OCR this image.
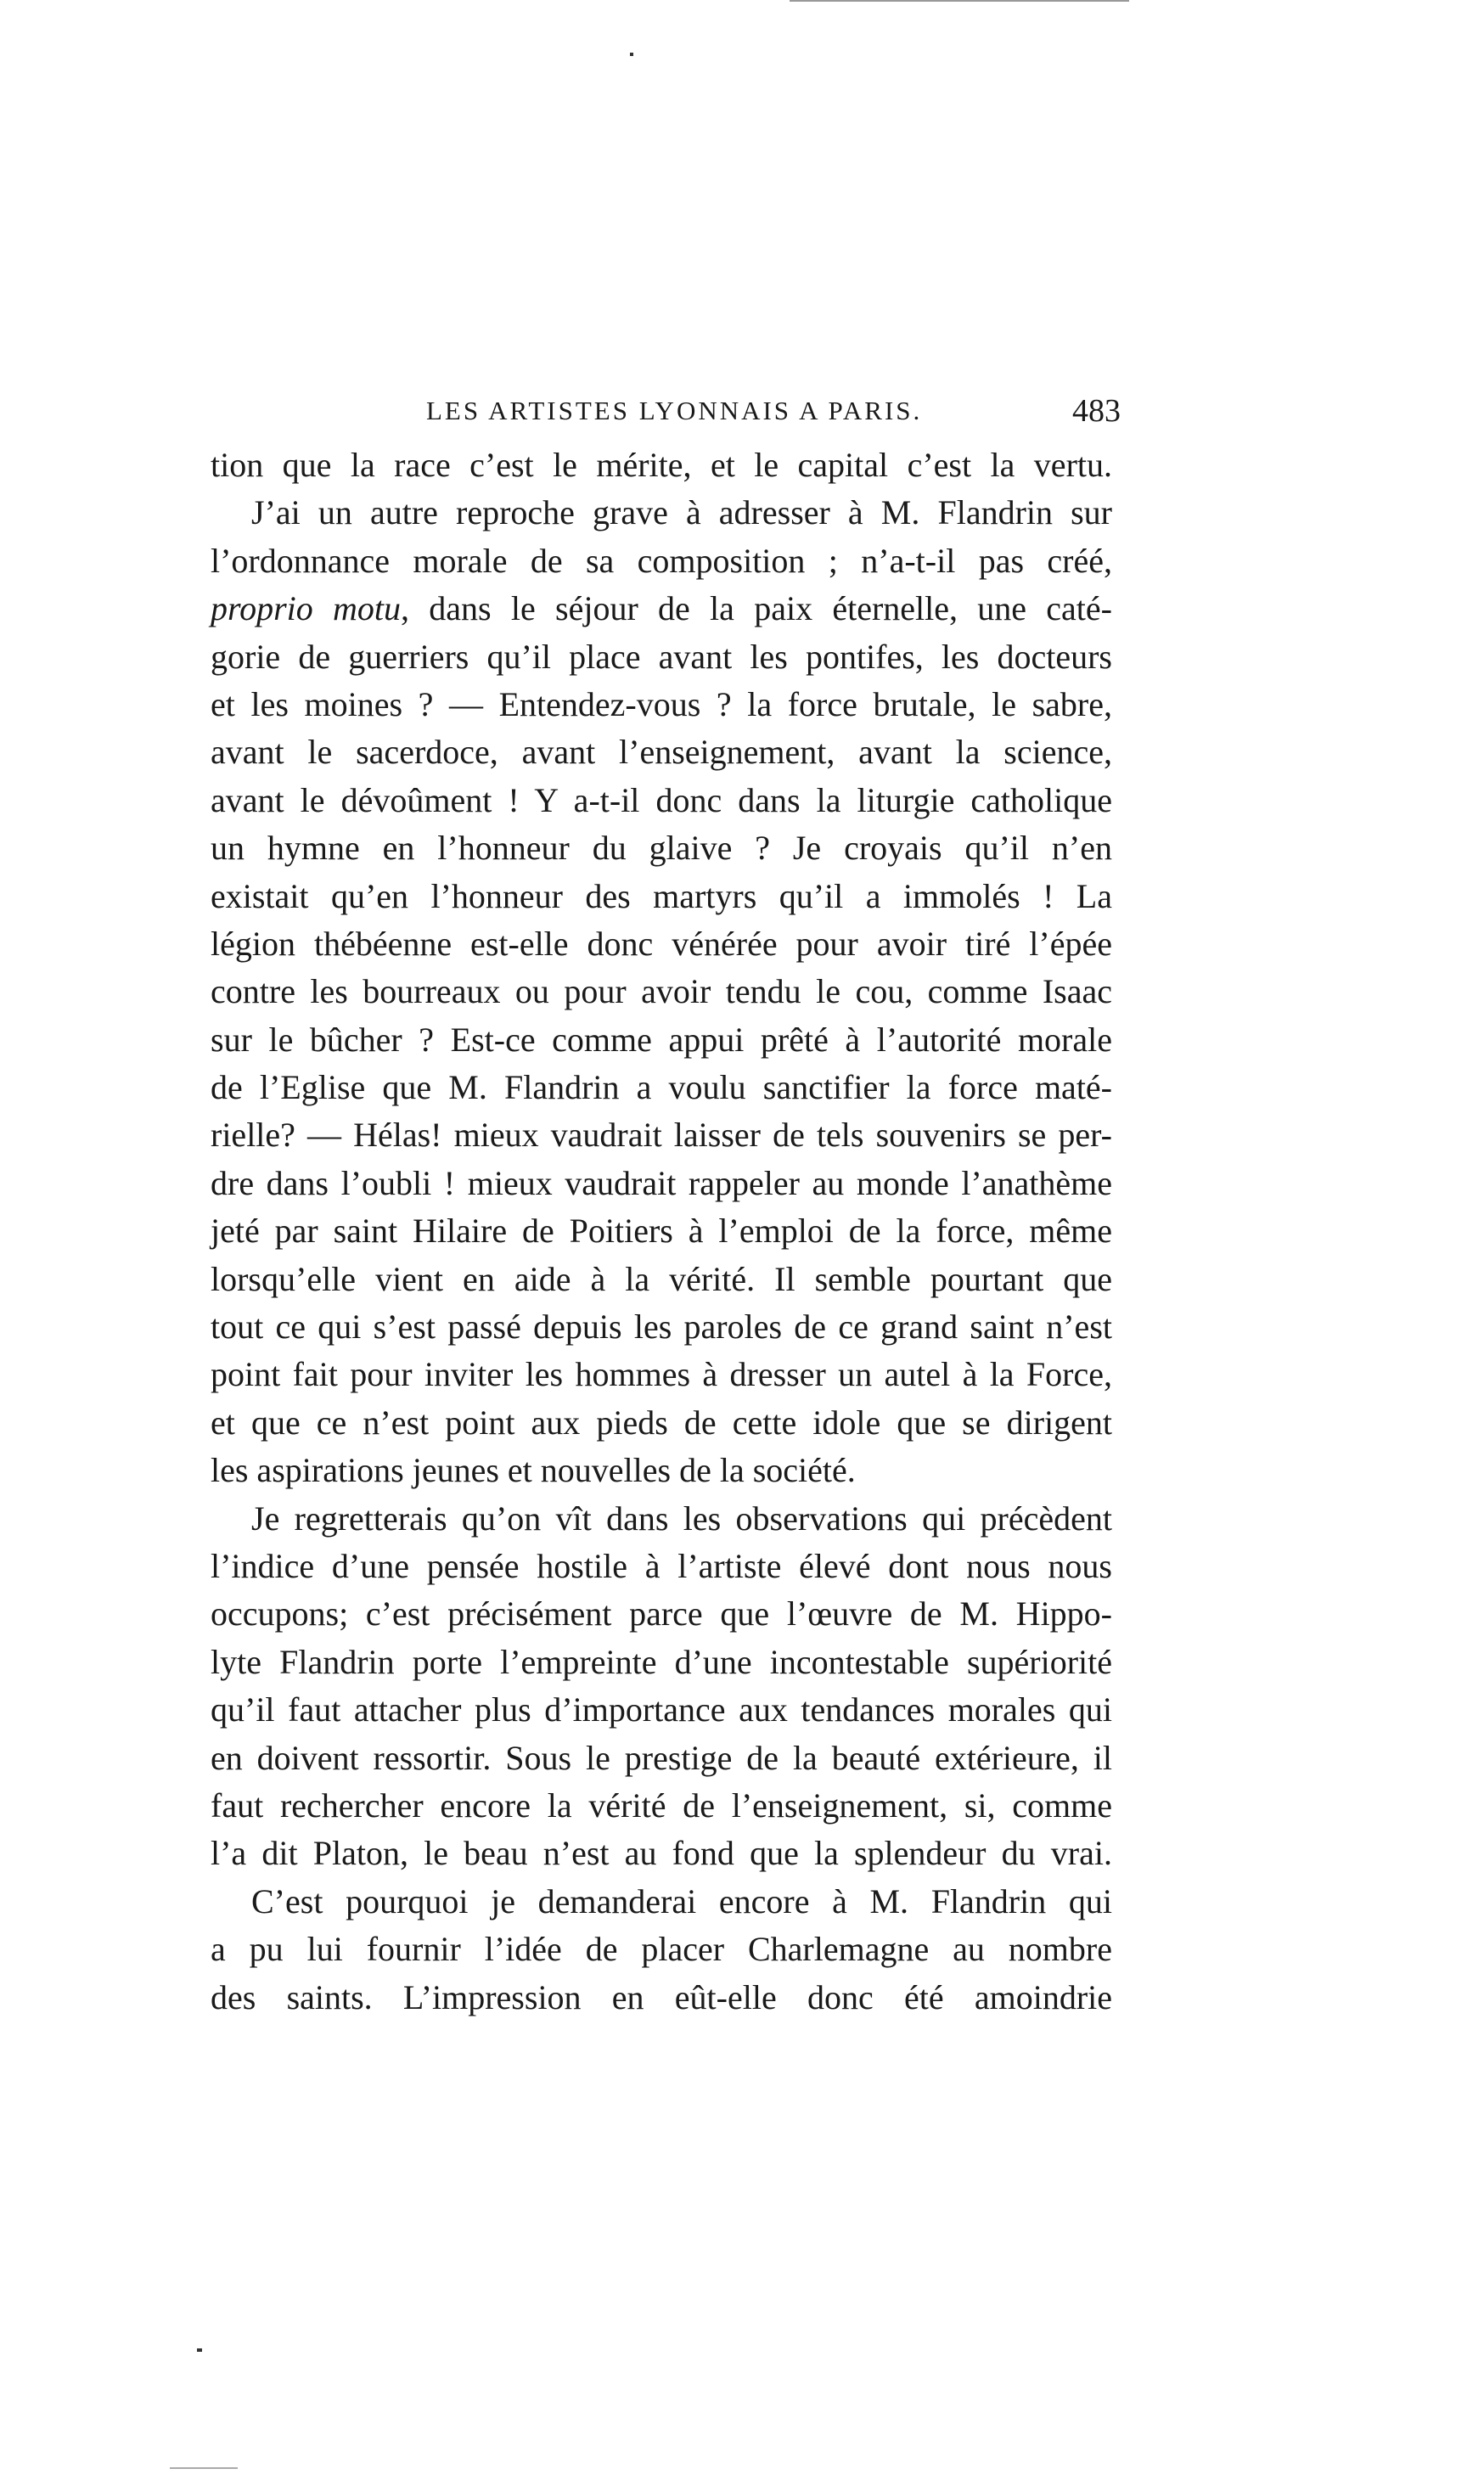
LES ARTISTES LYONNAIS A PARIS.	483
tion que la race c’est le mérite, et le capital c’est la vertu.
J’ai un autre reproche grave à adresser à M. Flandrin sur
l’ordonnance morale de sa composition ; n’a-t-il pas créé,
proprio motu, dans le séjour de la paix éternelle, une caté-
gorie de guerriers qu’il place avant les pontifes, les docteurs
et les moines ? — Entendez-vous ? la force brutale, le sabre,
avant le sacerdoce, avant l’enseignement, avant la science,
avant le dévoûment ! Y a-t-il donc dans la liturgie catholique
un hymne en l’honneur du glaive ? Je croyais qu’il n’en
existait qu’en l’honneur des martyrs qu’il a immolés ! La
légion thébéenne est-elle donc vénérée pour avoir tiré l’épée
contre les bourreaux ou pour avoir tendu le cou, comme Isaac
sur le bûcher ? Est-ce comme appui prêté à l’autorité morale
de l’Eglise que M. Flandrin a voulu sanctifier la force maté-
rielle? — Hélas! mieux vaudrait laisser de tels souvenirs se per-
dre dans l’oubli ! mieux vaudrait rappeler au monde l’anathème
jeté par saint Hilaire de Poitiers à l’emploi de la force, même
lorsqu’elle vient en aide à la vérité. Il semble pourtant que
tout ce qui s’est passé depuis les paroles de ce grand saint n’est
point fait pour inviter les hommes à dresser un autel à la Force,
et que ce n’est point aux pieds de cette idole que se dirigent
les aspirations jeunes et nouvelles de la société.
Je regretterais qu’on vît dans les observations qui précèdent
l’indice d’une pensée hostile à l’artiste élevé dont nous nous
occupons; c’est précisément parce que l’œuvre de M. Hippo-
lyte Flandrin porte l’empreinte d’une incontestable supériorité
qu’il faut attacher plus d’importance aux tendances morales qui
en doivent ressortir. Sous le prestige de la beauté extérieure, il
faut rechercher encore la vérité de l’enseignement, si, comme
l’a dit Platon, le beau n’est au fond que la splendeur du vrai.
C’est pourquoi je demanderai encore à M. Flandrin qui
a pu lui fournir l’idée de placer Charlemagne au nombre
des saints. L’impression en eût-elle donc été amoindrie
